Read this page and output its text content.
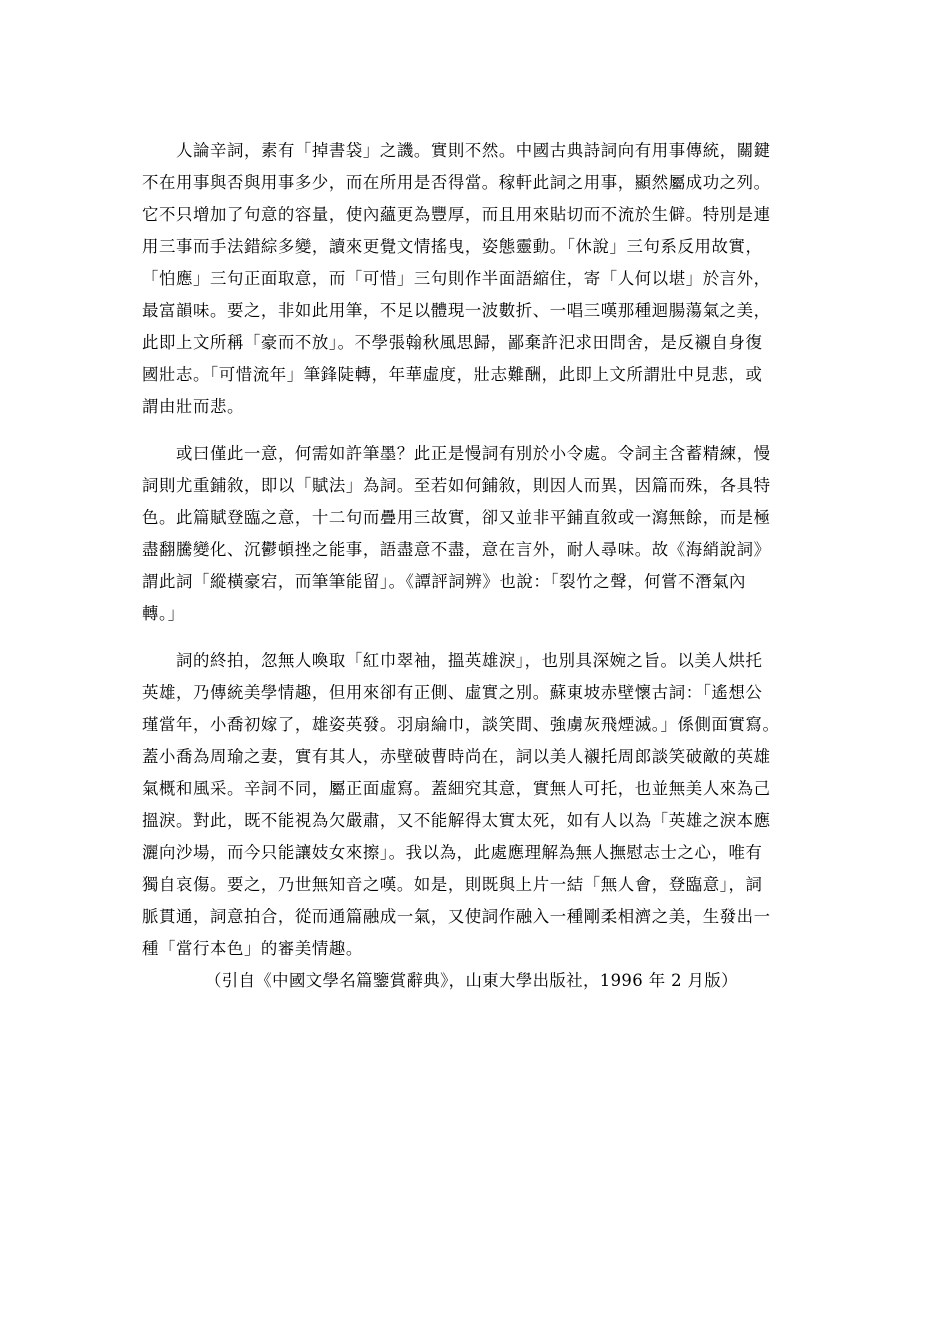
人論辛詞，素有「掉書袋」之譏。實則不然。中國古典詩詞向有用事傳統，關鍵
不在用事與否與用事多少，而在所用是否得當。稼軒此詞之用事，顯然屬成功之列。
它不只增加了句意的容量，使內蘊更為豐厚，而且用來貼切而不流於生僻。特別是連
用三事而手法錯綜多變，讀來更覺文情搖曳，姿態靈動。「休說」三句系反用故實，
「怕應」三句正面取意，而「可惜」三句則作半面語縮住，寄「人何以堪」於言外，
最富韻味。要之，非如此用筆，不足以體現一波數折、一唱三嘆那種迴腸蕩氣之美，
此即上文所稱「豪而不放」。不學張翰秋風思歸，鄙棄許汜求田問舍，是反襯自身復
國壯志。「可惜流年」筆鋒陡轉，年華虛度，壯志難酬，此即上文所謂壯中見悲，或
謂由壯而悲。
或曰僅此一意，何需如許筆墨？此正是慢詞有別於小令處。令詞主含蓄精練，慢
詞則尤重鋪敘，即以「賦法」為詞。至若如何鋪敘，則因人而異，因篇而殊，各具特
色。此篇賦登臨之意，十二句而疊用三故實，卻又並非平鋪直敘或一瀉無餘，而是極
盡翻騰變化、沉鬱頓挫之能事，語盡意不盡，意在言外，耐人尋味。故《海綃說詞》
謂此詞「縱橫豪宕，而筆筆能留」。《譚評詞辨》也說：「裂竹之聲，何嘗不潛氣內
轉。」
詞的終拍，忽無人喚取「紅巾翠袖，搵英雄淚」，也別具深婉之旨。以美人烘托
英雄，乃傳統美學情趣，但用來卻有正側、虛實之別。蘇東坡赤壁懷古詞：「遙想公
瑾當年，小喬初嫁了，雄姿英發。羽扇綸巾，談笑間、強虜灰飛煙滅。」係側面實寫。
蓋小喬為周瑜之妻，實有其人，赤壁破曹時尚在，詞以美人襯托周郎談笑破敵的英雄
氣概和風采。辛詞不同，屬正面虛寫。蓋細究其意，實無人可托，也並無美人來為己
搵淚。對此，既不能視為欠嚴肅，又不能解得太實太死，如有人以為「英雄之淚本應
灑向沙場，而今只能讓妓女來擦」。我以為，此處應理解為無人撫慰志士之心，唯有
獨自哀傷。要之，乃世無知音之嘆。如是，則既與上片一結「無人會，登臨意」，詞
脈貫通，詞意拍合，從而通篇融成一氣，又使詞作融入一種剛柔相濟之美，生發出一
種「當行本色」的審美情趣。
（引自《中國文學名篇鑒賞辭典》，山東大學出版社，1996 年 2 月版）
